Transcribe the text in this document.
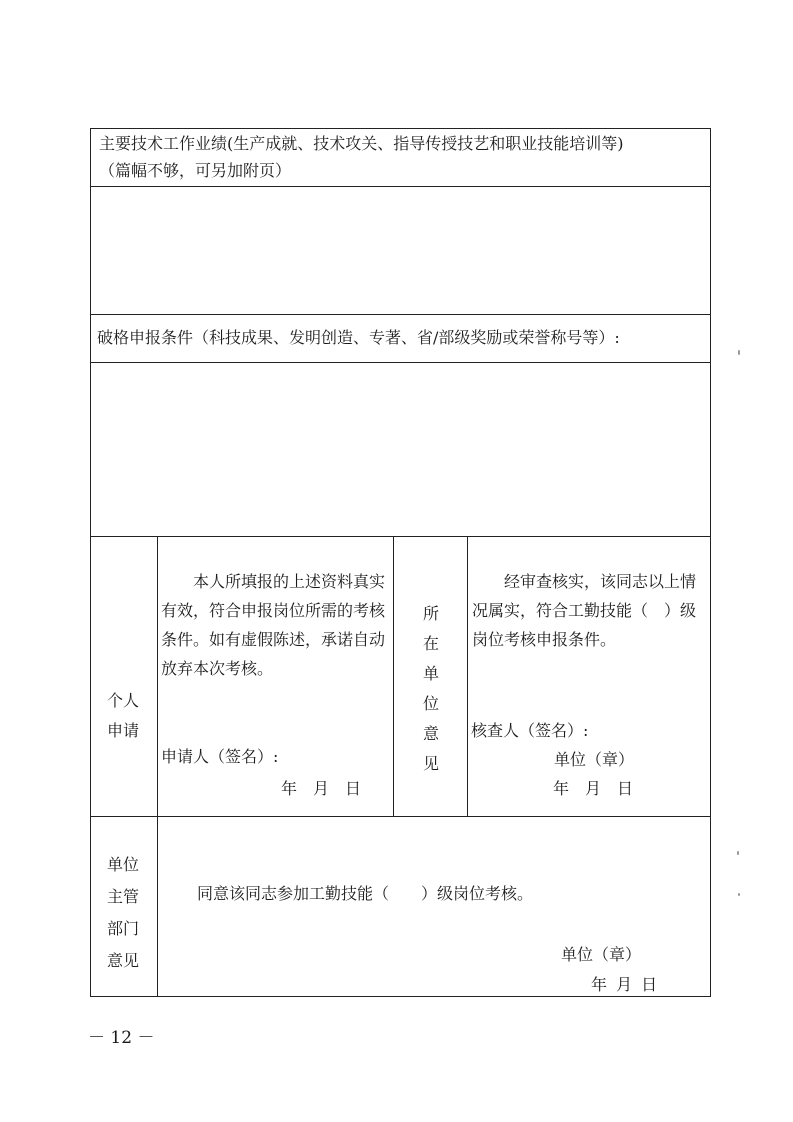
主要技术工作业绩(生产成就、技术攻关、指导传授技艺和职业技能培训等)
（篇幅不够，可另加附页）
破格申报条件（科技成果、发明创造、专著、省/部级奖励或荣誉称号等）:
个人
申请
本人所填报的上述资料真实有效，符合申报岗位所需的考核条件。如有虚假陈述，承诺自动放弃本次考核。
申请人（签名）:
年　月　日
所
在
单
位
意
见
经审查核实，该同志以上情况属实，符合工勤技能（　）级岗位考核申报条件。
核查人（签名）:
单位（章）
年　月　日
单位
主管
部门
意见
同意该同志参加工勤技能（　　）级岗位考核。
单位（章）
年 月 日
－ 12 －
